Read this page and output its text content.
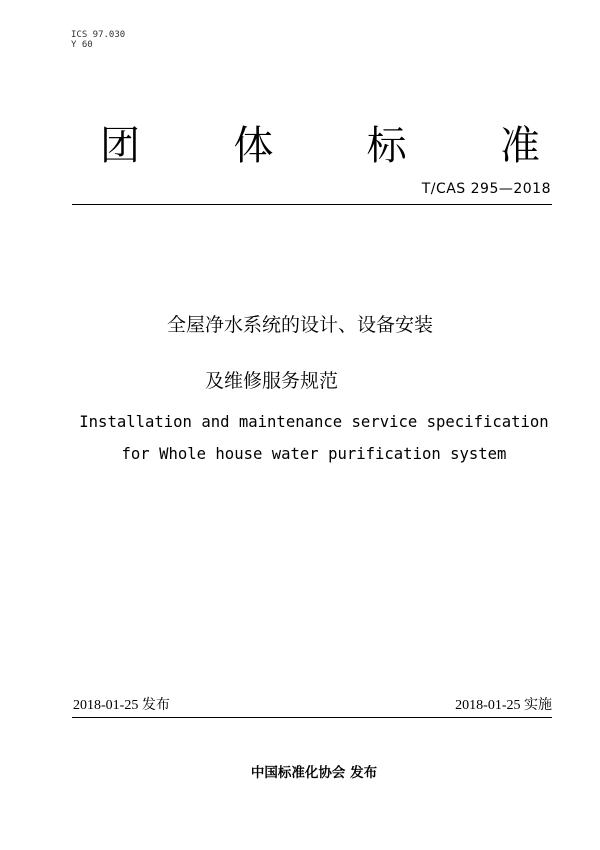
ICS 97.030
Y 60
团 体 标 准
T/CAS 295—2018
全屋净水系统的设计、设备安装
及维修服务规范
Installation and maintenance service specification
for Whole house water purification system
2018-01-25 发布	2018-01-25 实施
中国标准化协会 发布
